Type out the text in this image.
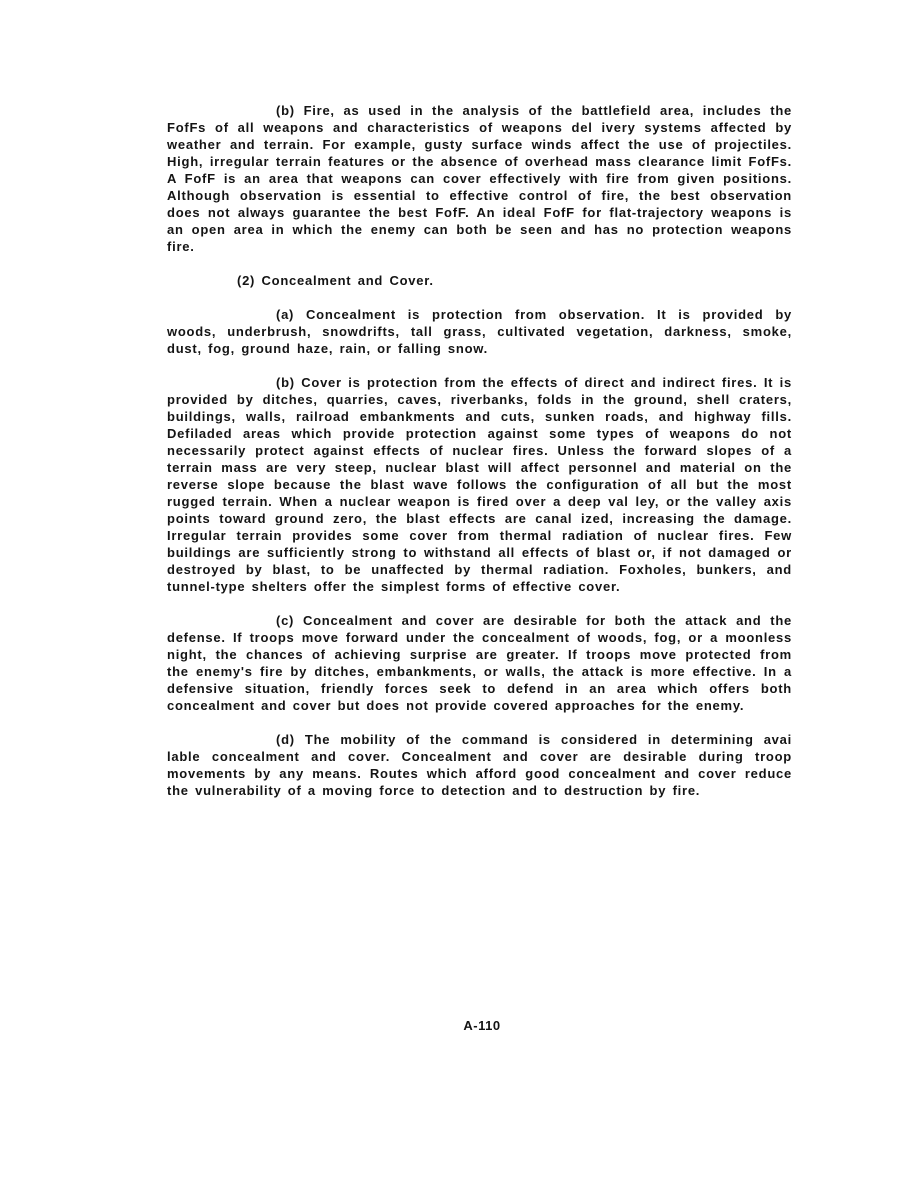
(b) Fire, as used in the analysis of the battlefield area, includes the FofFs of all weapons and characteristics of weapons del ivery systems affected by weather and terrain. For example, gusty surface winds affect the use of projectiles. High, irregular terrain features or the absence of overhead mass clearance limit FofFs. A FofF is an area that weapons can cover effectively with fire from given positions. Although observation is essential to effective control of fire, the best observation does not always guarantee the best FofF. An ideal FofF for flat-trajectory weapons is an open area in which the enemy can both be seen and has no protection weapons fire.

(2) Concealment and Cover.

(a) Concealment is protection from observation. It is provided by woods, underbrush, snowdrifts, tall grass, cultivated vegetation, darkness, smoke, dust, fog, ground haze, rain, or falling snow.

(b) Cover is protection from the effects of direct and indirect fires. It is provided by ditches, quarries, caves, riverbanks, folds in the ground, shell craters, buildings, walls, railroad embankments and cuts, sunken roads, and highway fills. Defiladed areas which provide protection against some types of weapons do not necessarily protect against effects of nuclear fires. Unless the forward slopes of a terrain mass are very steep, nuclear blast will affect personnel and material on the reverse slope because the blast wave follows the configuration of all but the most rugged terrain. When a nuclear weapon is fired over a deep val ley, or the valley axis points toward ground zero, the blast effects are canal ized, increasing the damage. Irregular terrain provides some cover from thermal radiation of nuclear fires. Few buildings are sufficiently strong to withstand all effects of blast or, if not damaged or destroyed by blast, to be unaffected by thermal radiation. Foxholes, bunkers, and tunnel-type shelters offer the simplest forms of effective cover.

(c) Concealment and cover are desirable for both the attack and the defense. If troops move forward under the concealment of woods, fog, or a moonless night, the chances of achieving surprise are greater. If troops move protected from the enemy's fire by ditches, embankments, or walls, the attack is more effective. In a defensive situation, friendly forces seek to defend in an area which offers both concealment and cover but does not provide covered approaches for the enemy.

(d) The mobility of the command is considered in determining avai lable concealment and cover. Concealment and cover are desirable during troop movements by any means. Routes which afford good concealment and cover reduce the vulnerability of a moving force to detection and to destruction by fire.

A-110
